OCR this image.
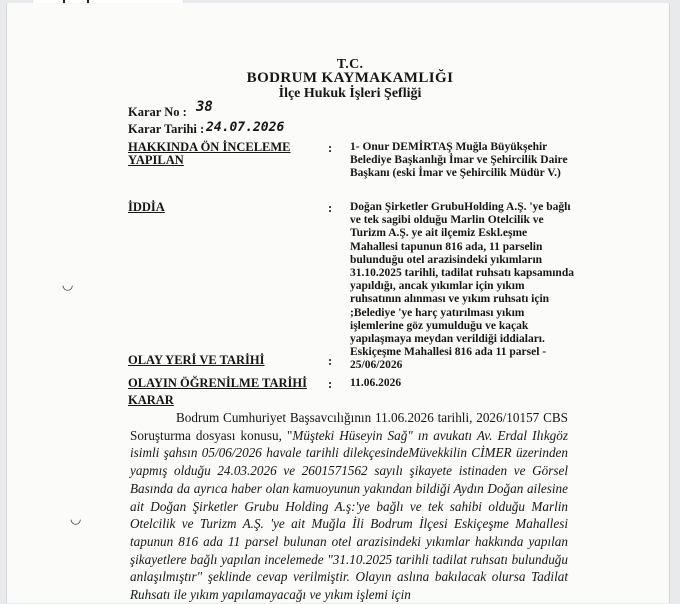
T.C.
BODRUM KAYMAKAMLIĞI
İlçe Hukuk İşleri Şefliği
Karar No : 38
Karar Tarihi : 24.07.2026
HAKKINDA ÖN İNCELEME
YAPILAN
: 1- Onur DEMİRTAŞ Muğla Büyükşehir Belediye Başkanlığı İmar ve Şehircilik Daire Başkanı (eski İmar ve Şehircilik Müdür V.)
İDDİA	: Doğan Şirketler GrubuHolding A.Ş. 'ye bağlı ve tek sagibi olduğu Marlin Otelcilik ve Turizm A.Ş. ye ait ilçemiz Eskl.eşme Mahallesi tapunun 816 ada, 11 parselin bulunduğu otel arazisindeki yıkımların 31.10.2025 tarihli, tadilat ruhsatı kapsamında yapıldığı, ancak yıkımlar için yıkım ruhsatının alınması ve yıkım ruhsatı için ;Belediye 'ye harç yatırılması yıkım işlemlerine göz yumulduğu ve kaçak yapılaşmaya meydan verildiği iddiaları.
OLAY YERİ VE TARİHİ	:
Eskiçeşme Mahallesi 816 ada 11 parsel - 25/06/2026
OLAYIN ÖĞRENİLME TARİHİ : 11.06.2026
KARAR
Bodrum Cumhuriyet Başsavcılığının 11.06.2026 tarihli, 2026/10157 CBS Soruşturma dosyası konusu, "Müşteki Hüseyin Sağ" ın avukatı Av. Erdal Ilıkgöz isimli şahsın 05/06/2026 havale tarihli dilekçesindeMüvekkilin CİMER üzerinden yapmış olduğu 24.03.2026 ve 2601571562 sayılı şikayete istinaden ve Görsel Basında da ayrıca haber olan kamuoyunun yakından bildiği Aydın Doğan ailesine ait Doğan Şirketler Grubu Holding A.ş:'ye bağlı ve tek sahibi olduğu Marlin Otelcilik ve Turizm A.Ş. 'ye ait Muğla İli Bodrum İlçesi Eskiçeşme Mahallesi tapunun 816 ada 11 parsel bulunan otel arazisindeki yıkımlar hakkında yapılan şikayetlere bağlı yapılan incelemede "31.10.2025 tarihli tadilat ruhsatı bulunduğu anlaşılmıştır" şeklinde cevap verilmiştir. Olayın aslına bakılacak olursa Tadilat Ruhsatı ile yıkım yapılamayacağı ve yıkım işlemi için
◡
◡
